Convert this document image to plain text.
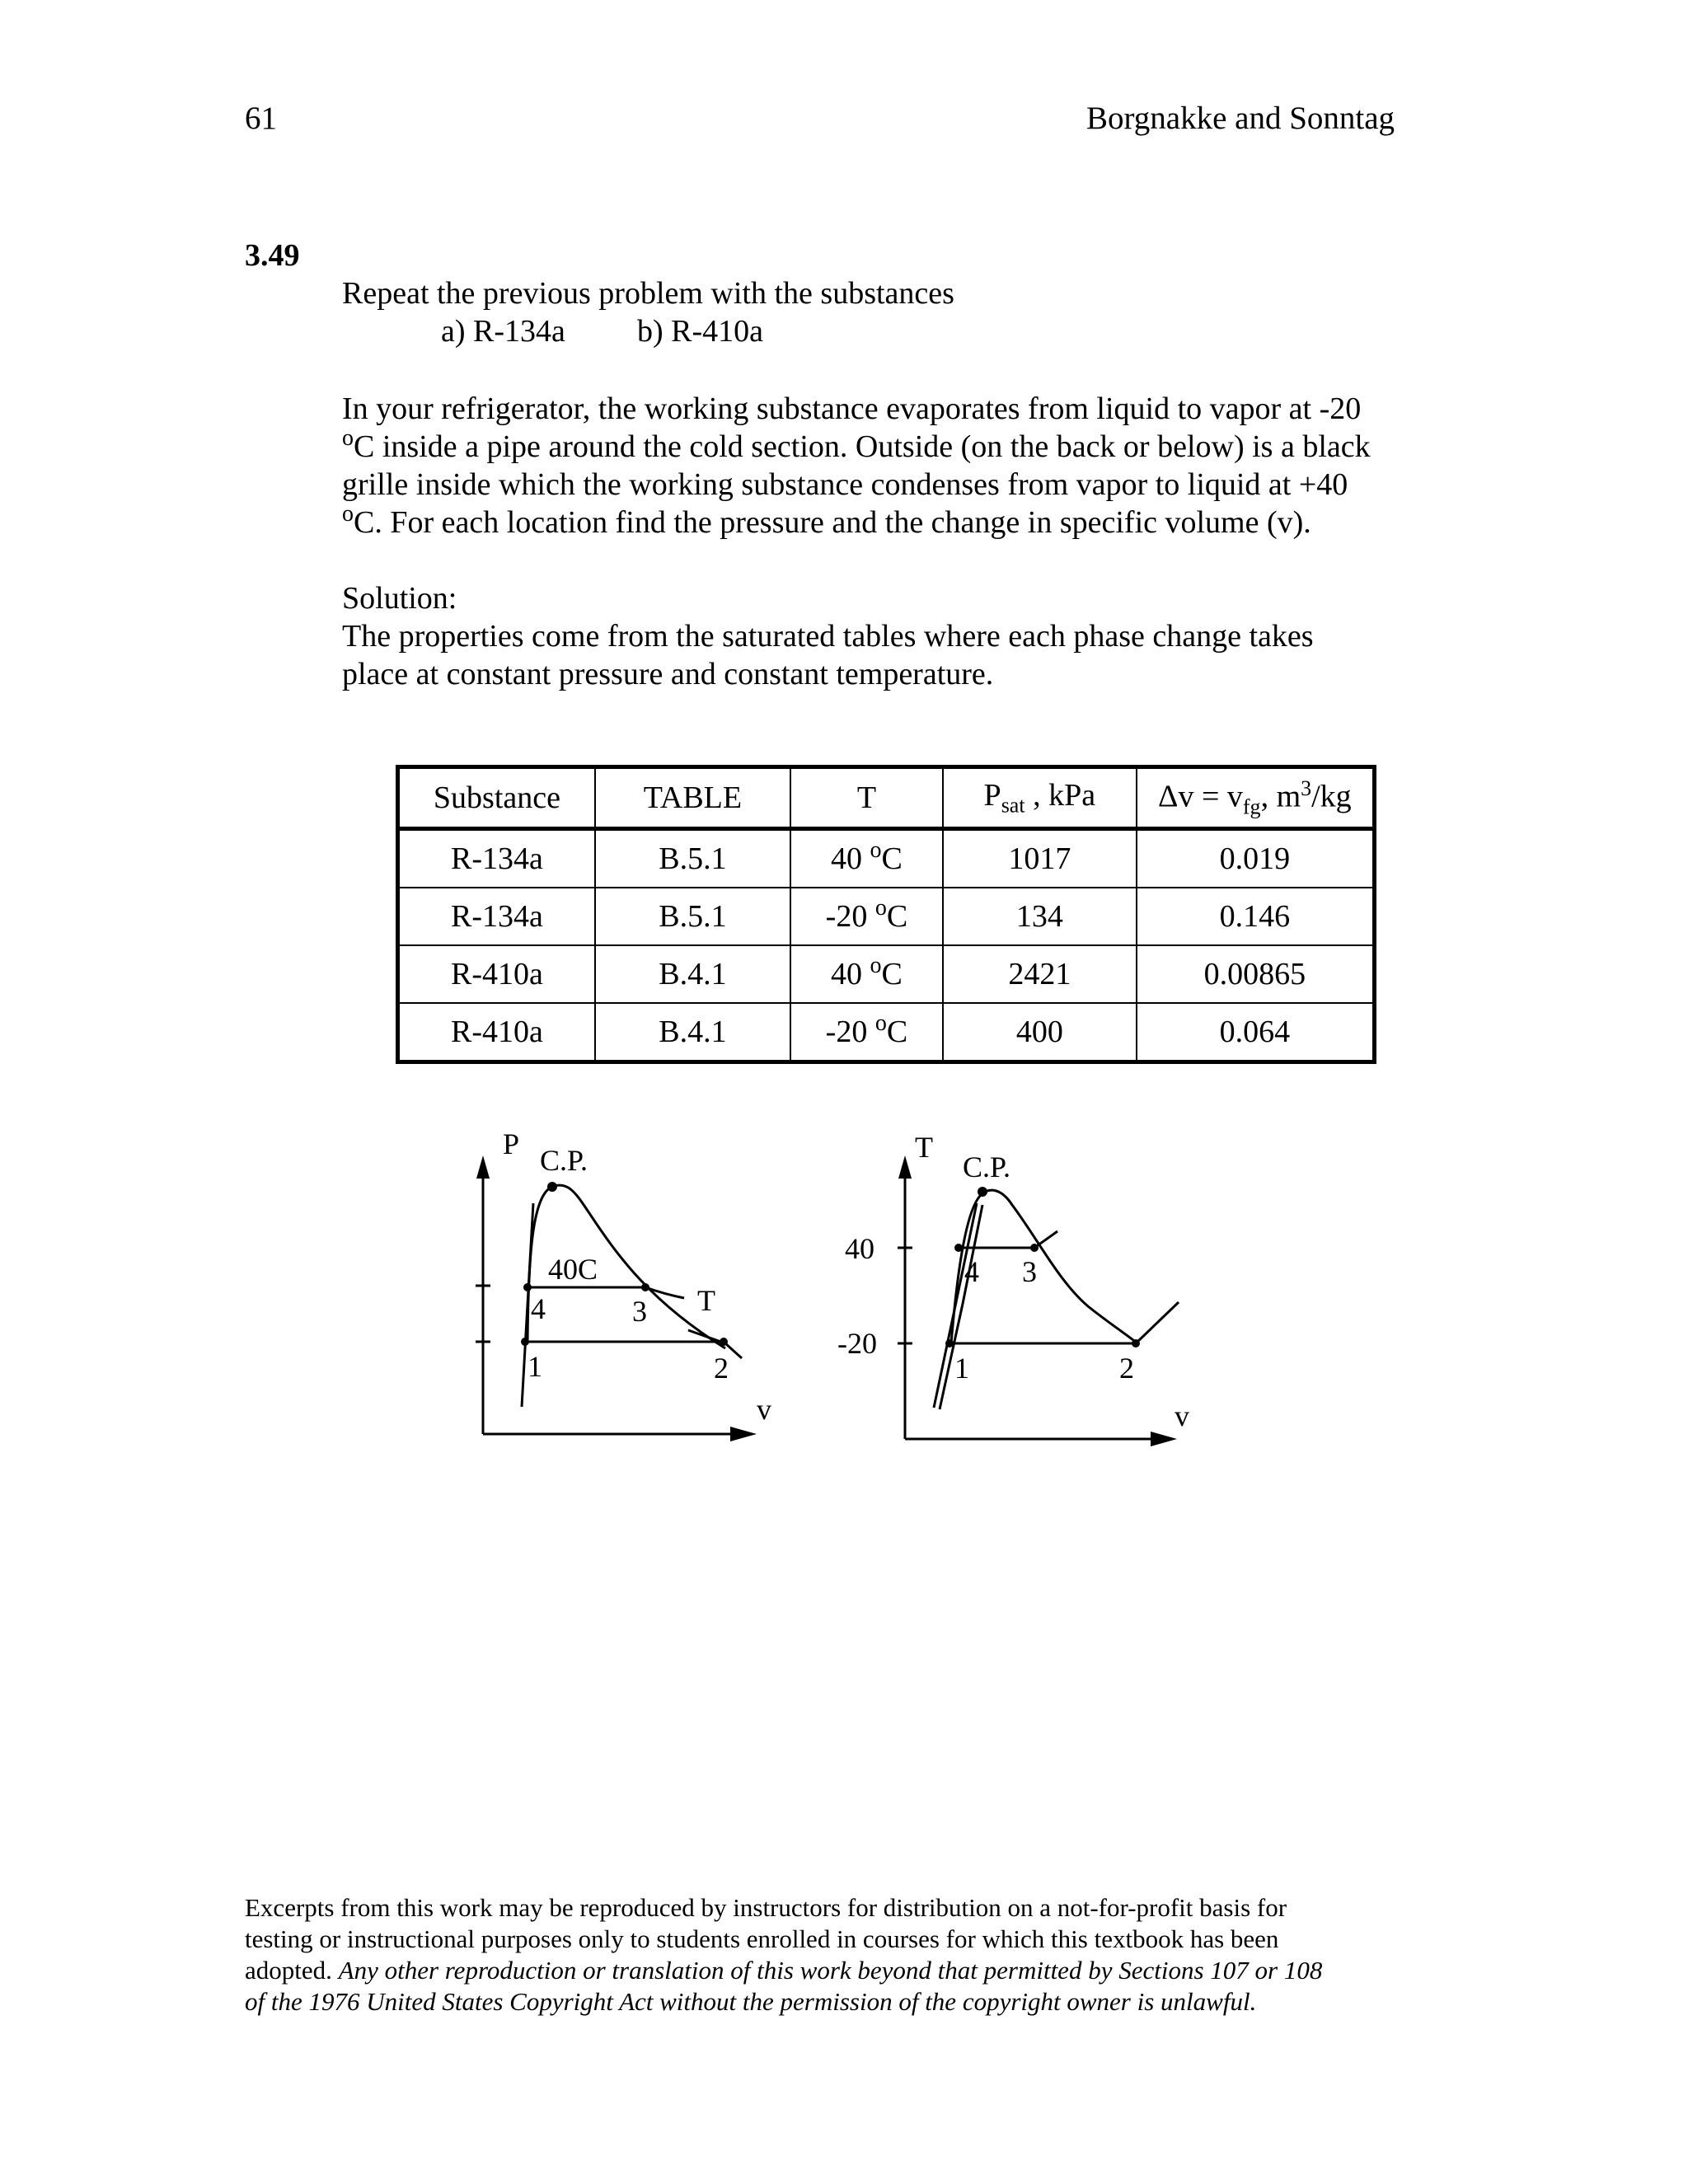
61	Borgnakke and Sonntag
3.49
Repeat the previous problem with the substances
a) R-134a b) R-410a
In your refrigerator, the working substance evaporates from liquid to vapor at -20
$^o$C inside a pipe around the cold section. Outside (on the back or below) is a black
grille inside which the working substance condenses from vapor to liquid at +40
$^o$C. For each location find the pressure and the change in specific volume (v).
Solution:
The properties come from the saturated tables where each phase change takes
place at constant pressure and constant temperature.
Substance	TABLE	T	$P_{sat}$ , kPa	$\Delta v = v_{fg}$, $m^3/kg$
R-134a	B.5.1	40 $^o$C	1017	0.019
R-134a	B.5.1	-20 $^o$C	134	0.146
R-410a	B.4.1	40 $^o$C	2421	0.00865
R-410a	B.4.1	-20 $^o$C	400	0.064
P C.P.
40C
4	3 T
1	2
v
T
C.P.
40
-20
4 3
1	2
v
Excerpts from this work may be reproduced by instructors for distribution on a not-for-profit basis for
testing or instructional purposes only to students enrolled in courses for which this textbook has been
adopted. Any other reproduction or translation of this work beyond that permitted by Sections 107 or 108
of the 1976 United States Copyright Act without the permission of the copyright owner is unlawful.
